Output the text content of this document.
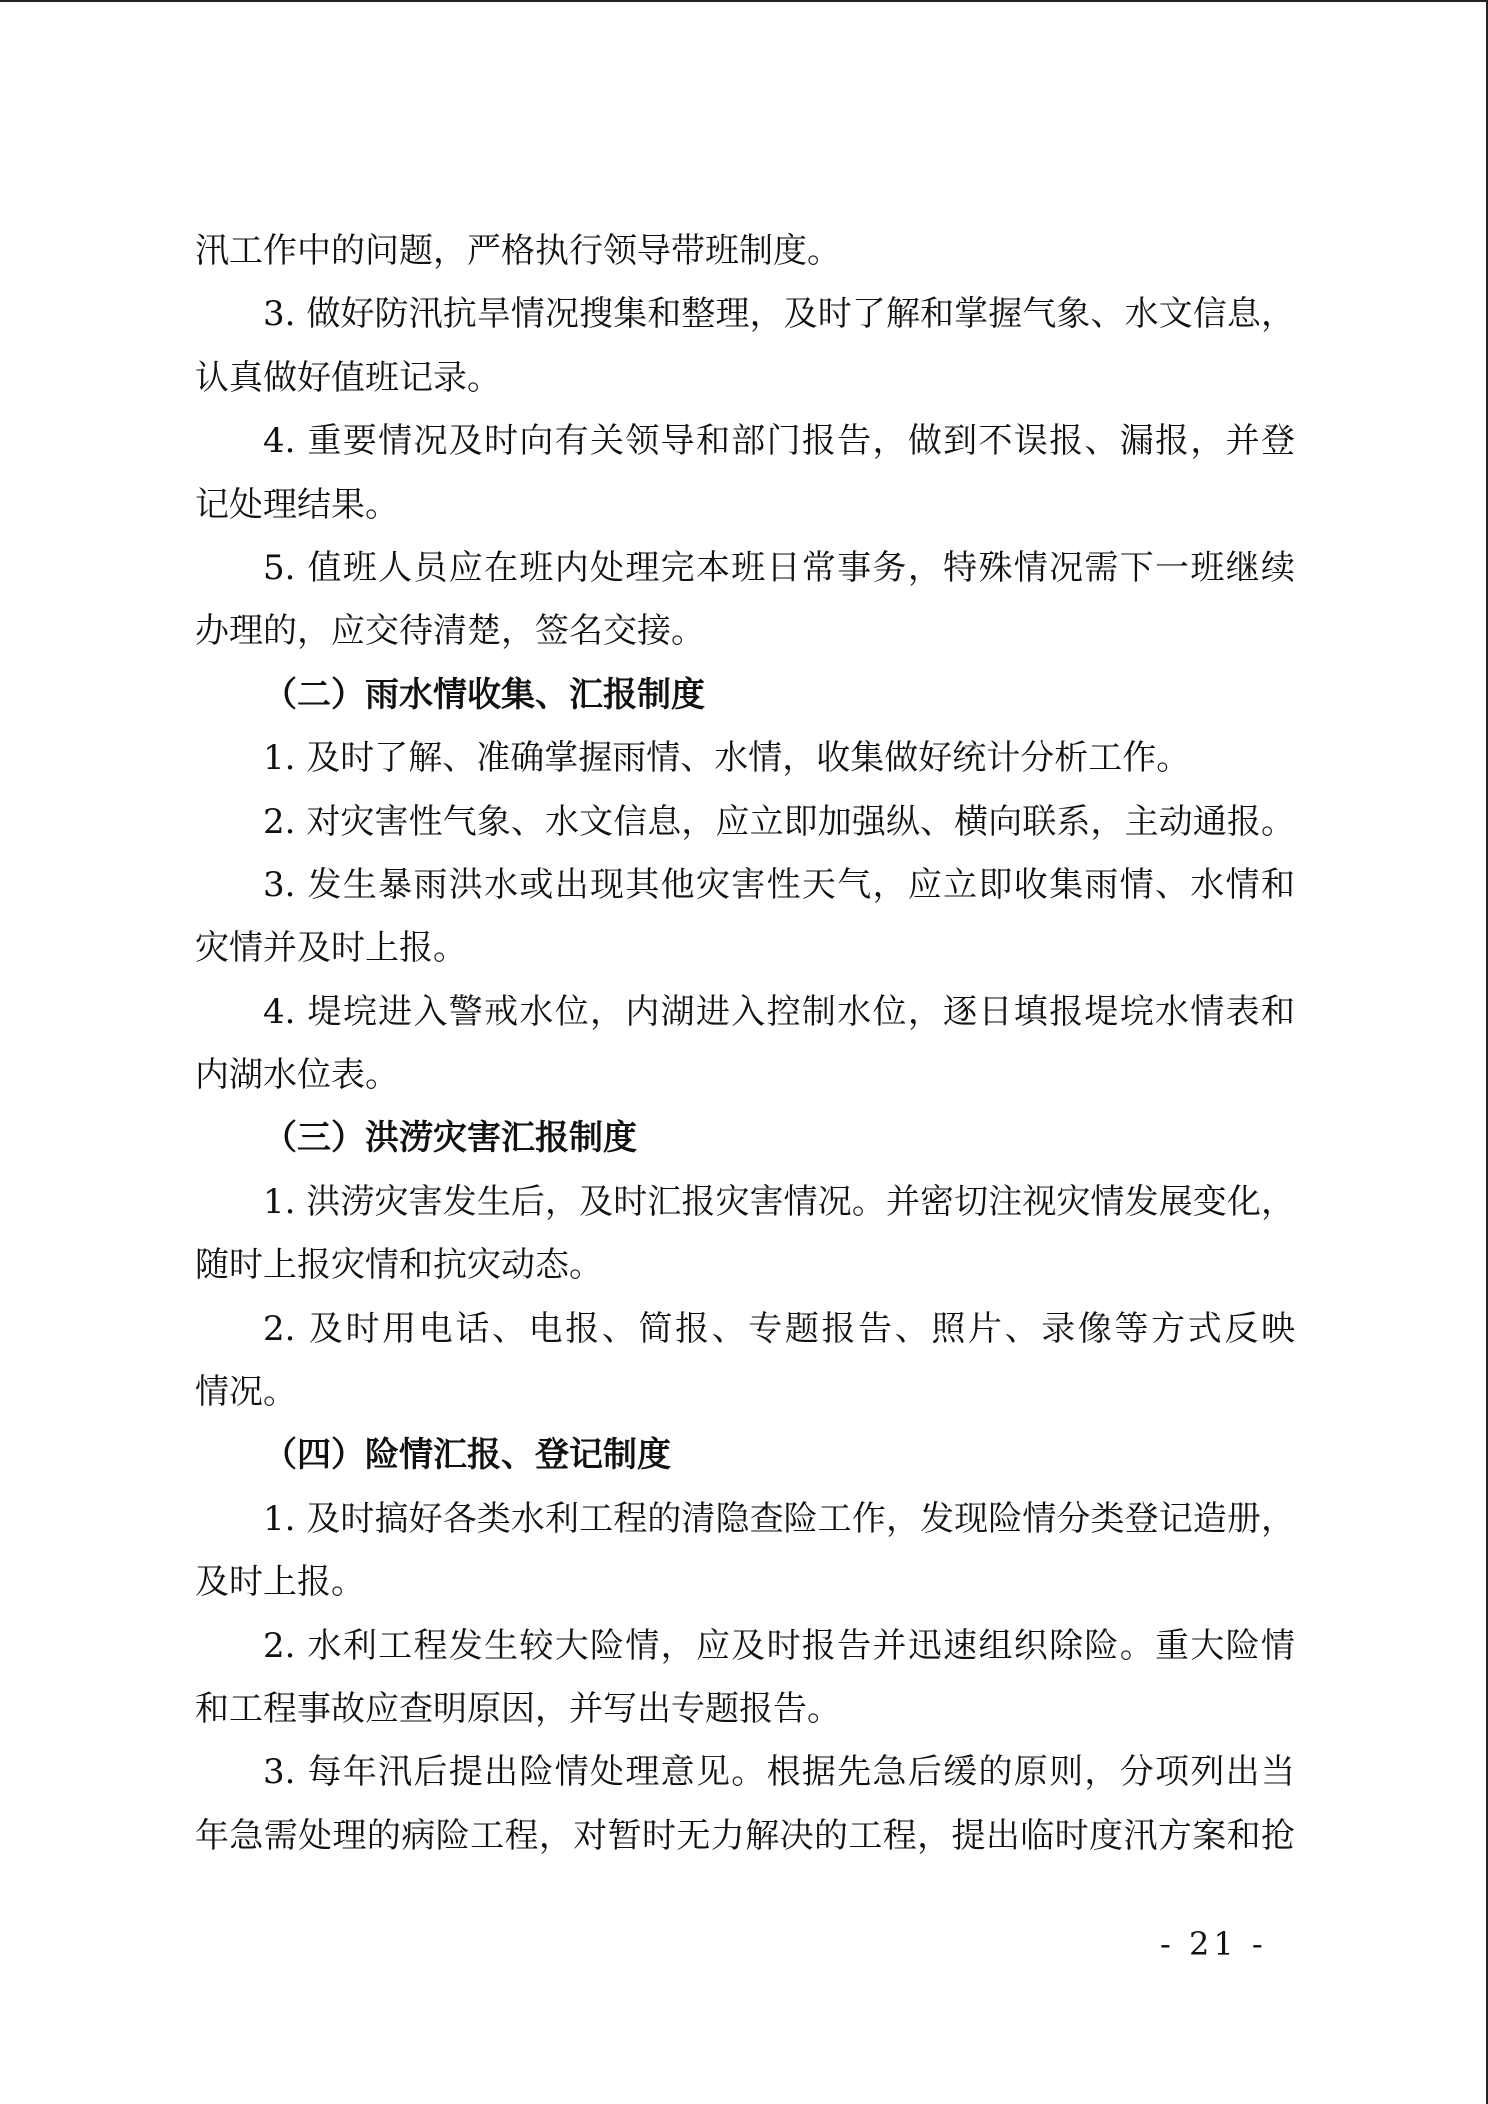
汛工作中的问题，严格执行领导带班制度。
3. 做好防汛抗旱情况搜集和整理，及时了解和掌握气象、水文信息，
认真做好值班记录。
4. 重要情况及时向有关领导和部门报告，做到不误报、漏报，并登
记处理结果。
5. 值班人员应在班内处理完本班日常事务，特殊情况需下一班继续
办理的，应交待清楚，签名交接。
（二）雨水情收集、汇报制度
1. 及时了解、准确掌握雨情、水情，收集做好统计分析工作。
2. 对灾害性气象、水文信息，应立即加强纵、横向联系，主动通报。
3. 发生暴雨洪水或出现其他灾害性天气，应立即收集雨情、水情和
灾情并及时上报。
4. 堤垸进入警戒水位，内湖进入控制水位，逐日填报堤垸水情表和
内湖水位表。
（三）洪涝灾害汇报制度
1. 洪涝灾害发生后，及时汇报灾害情况。并密切注视灾情发展变化，
随时上报灾情和抗灾动态。
2. 及时用电话、电报、简报、专题报告、照片、录像等方式反映
情况。
（四）险情汇报、登记制度
1. 及时搞好各类水利工程的清隐查险工作，发现险情分类登记造册，
及时上报。
2. 水利工程发生较大险情，应及时报告并迅速组织除险。重大险情
和工程事故应查明原因，并写出专题报告。
3. 每年汛后提出险情处理意见。根据先急后缓的原则，分项列出当
年急需处理的病险工程，对暂时无力解决的工程，提出临时度汛方案和抢
- 21 -
